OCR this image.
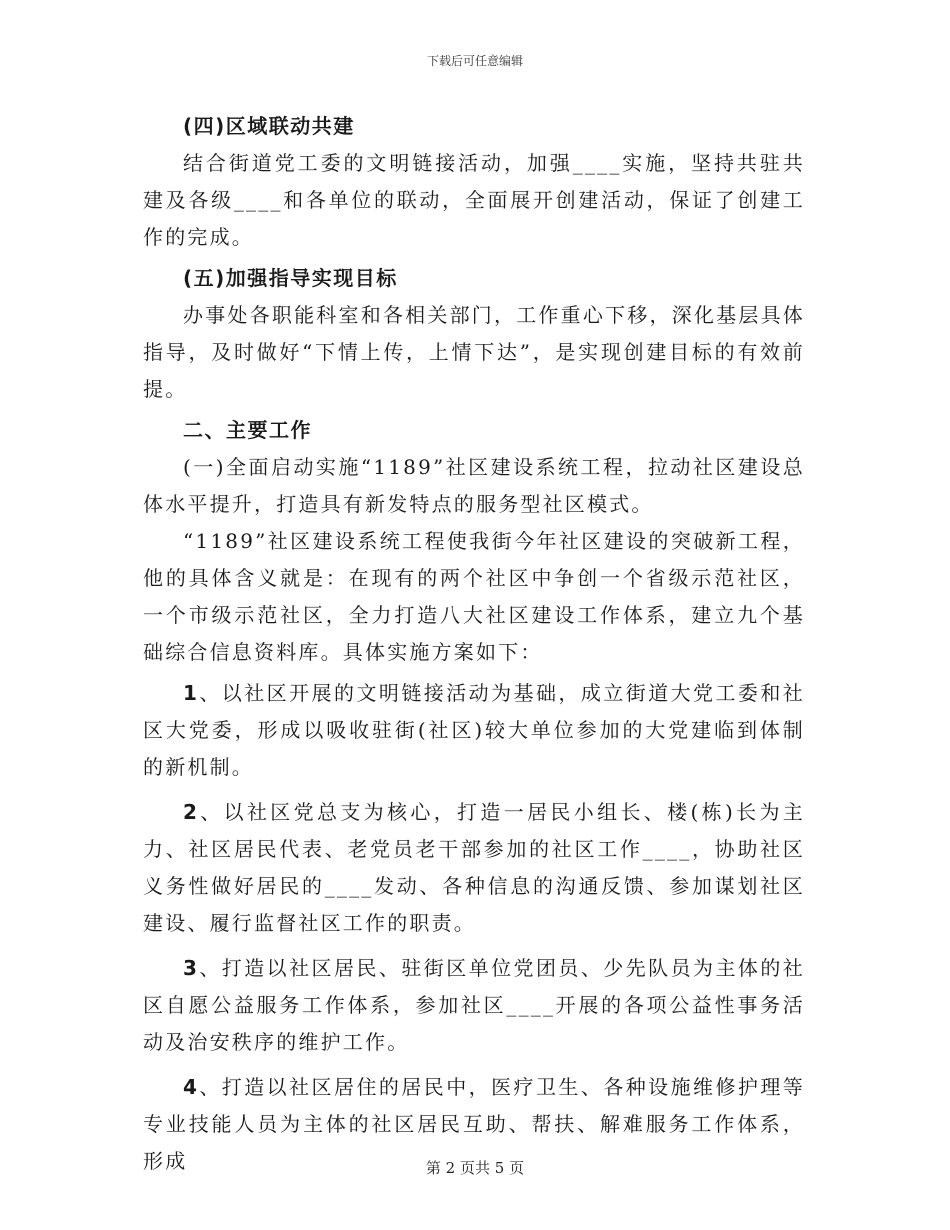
下载后可任意编辑

(四)区域联动共建

结合街道党工委的文明链接活动，加强____实施，坚持共驻共建及各级____和各单位的联动，全面展开创建活动，保证了创建工作的完成。

(五)加强指导实现目标

办事处各职能科室和各相关部门，工作重心下移，深化基层具体指导，及时做好“下情上传，上情下达”，是实现创建目标的有效前提。

二、主要工作

(一)全面启动实施“1189”社区建设系统工程，拉动社区建设总体水平提升，打造具有新发特点的服务型社区模式。

“1189”社区建设系统工程使我街今年社区建设的突破新工程，他的具体含义就是：在现有的两个社区中争创一个省级示范社区，一个市级示范社区，全力打造八大社区建设工作体系，建立九个基础综合信息资料库。具体实施方案如下：

1、以社区开展的文明链接活动为基础，成立街道大党工委和社区大党委，形成以吸收驻街(社区)较大单位参加的大党建临到体制的新机制。

2、以社区党总支为核心，打造一居民小组长、楼(栋)长为主力、社区居民代表、老党员老干部参加的社区工作____，协助社区义务性做好居民的____发动、各种信息的沟通反馈、参加谋划社区建设、履行监督社区工作的职责。

3、打造以社区居民、驻街区单位党团员、少先队员为主体的社区自愿公益服务工作体系，参加社区____开展的各项公益性事务活动及治安秩序的维护工作。

4、打造以社区居住的居民中，医疗卫生、各种设施维修护理等专业技能人员为主体的社区居民互助、帮扶、解难服务工作体系，形成	第 2 页共 5 页
